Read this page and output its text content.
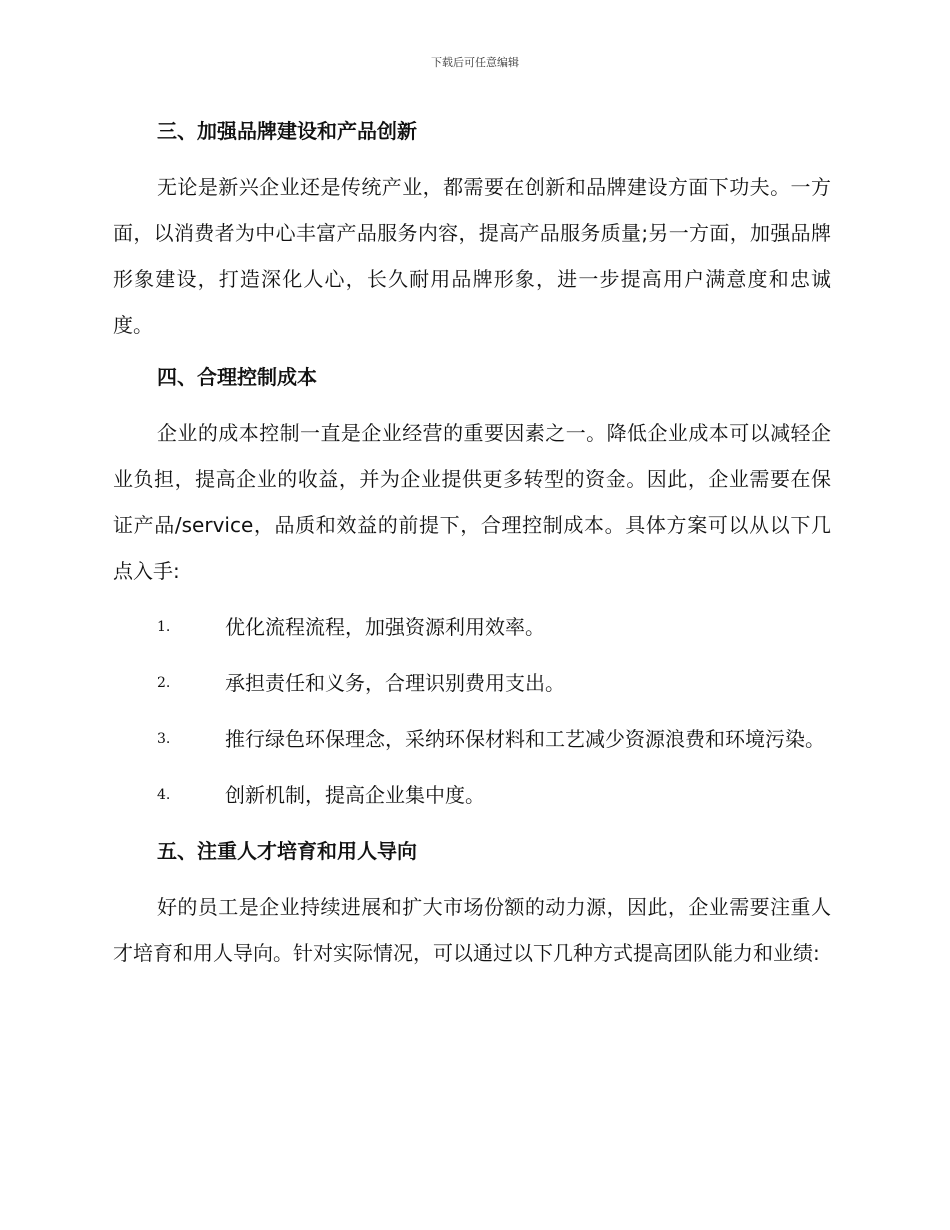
下载后可任意编辑
三、加强品牌建设和产品创新

无论是新兴企业还是传统产业，都需要在创新和品牌建设方面下功夫。一方面，以消费者为中心丰富产品服务内容，提高产品服务质量;另一方面，加强品牌形象建设，打造深化人心，长久耐用品牌形象，进一步提高用户满意度和忠诚度。

四、合理控制成本

企业的成本控制一直是企业经营的重要因素之一。降低企业成本可以减轻企业负担，提高企业的收益，并为企业提供更多转型的资金。因此，企业需要在保证产品/service，品质和效益的前提下，合理控制成本。具体方案可以从以下几点入手:

1.	优化流程流程，加强资源利用效率。

2.	承担责任和义务，合理识别费用支出。

3.	推行绿色环保理念，采纳环保材料和工艺减少资源浪费和环境污染。

4.	创新机制，提高企业集中度。

五、注重人才培育和用人导向

好的员工是企业持续进展和扩大市场份额的动力源，因此，企业需要注重人才培育和用人导向。针对实际情况，可以通过以下几种方式提高团队能力和业绩:
